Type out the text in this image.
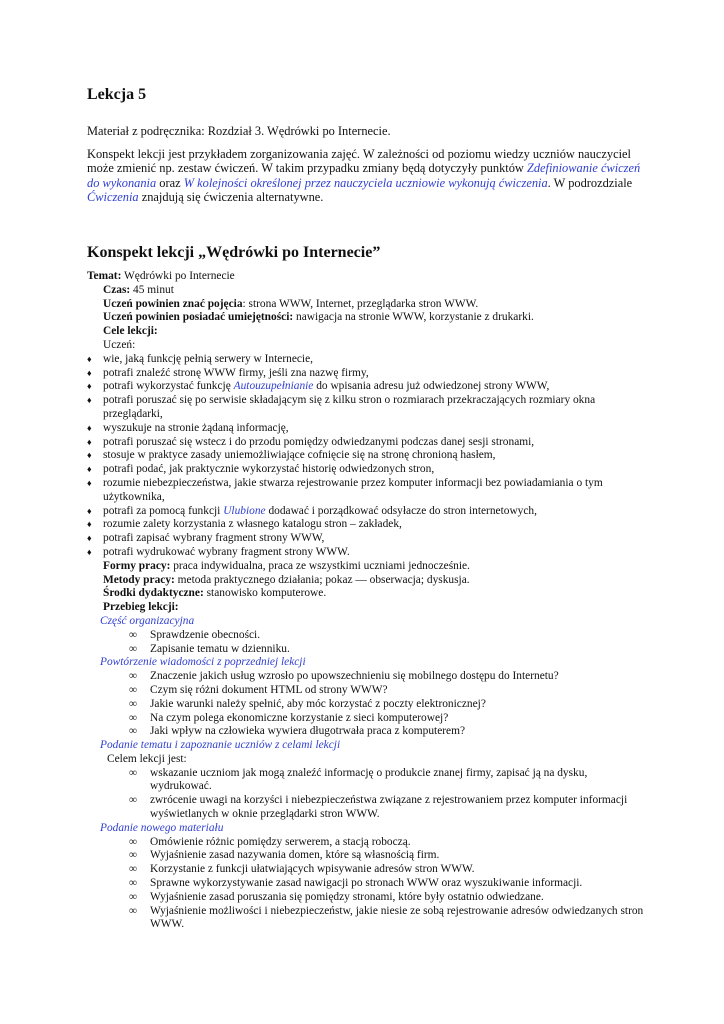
Lekcja 5

Materiał z podręcznika: Rozdział 3. Wędrówki po Internecie.

Konspekt lekcji jest przykładem zorganizowania zajęć. W zależności od poziomu wiedzy uczniów nauczyciel może zmienić np. zestaw ćwiczeń. W takim przypadku zmiany będą dotyczyły punktów Zdefiniowanie ćwiczeń do wykonania oraz W kolejności określonej przez nauczyciela uczniowie wykonują ćwiczenia. W podrozdziale Ćwiczenia znajdują się ćwiczenia alternatywne.

Konspekt lekcji „Wędrówki po Internecie”
Temat: Wędrówki po Internecie
Czas: 45 minut
Uczeń powinien znać pojęcia: strona WWW, Internet, przeglądarka stron WWW.
Uczeń powinien posiadać umiejętności: nawigacja na stronie WWW, korzystanie z drukarki.
Cele lekcji:
Uczeń:
♦ wie, jaką funkcję pełnią serwery w Internecie,
♦ potrafi znaleźć stronę WWW firmy, jeśli zna nazwę firmy,
♦ potrafi wykorzystać funkcję Autouzupełnianie do wpisania adresu już odwiedzonej strony WWW,
♦ potrafi poruszać się po serwisie składającym się z kilku stron o rozmiarach przekraczających rozmiary okna przeglądarki,
♦ wyszukuje na stronie żądaną informację,
♦ potrafi poruszać się wstecz i do przodu pomiędzy odwiedzanymi podczas danej sesji stronami,
♦ stosuje w praktyce zasady uniemożliwiające cofnięcie się na stronę chronioną hasłem,
♦ potrafi podać, jak praktycznie wykorzystać historię odwiedzonych stron,
♦ rozumie niebezpieczeństwa, jakie stwarza rejestrowanie przez komputer informacji bez powiadamiania o tym użytkownika,
♦ potrafi za pomocą funkcji Ulubione dodawać i porządkować odsyłacze do stron internetowych,
♦ rozumie zalety korzystania z własnego katalogu stron – zakładek,
♦ potrafi zapisać wybrany fragment strony WWW,
♦ potrafi wydrukować wybrany fragment strony WWW.
Formy pracy: praca indywidualna, praca ze wszystkimi uczniami jednocześnie.
Metody pracy: metoda praktycznego działania; pokaz — obserwacja; dyskusja.
Środki dydaktyczne: stanowisko komputerowe.
Przebieg lekcji:
Część organizacyjna
∞ Sprawdzenie obecności.
∞ Zapisanie tematu w dzienniku.
Powtórzenie wiadomości z poprzedniej lekcji
∞ Znaczenie jakich usług wzrosło po upowszechnieniu się mobilnego dostępu do Internetu?
∞ Czym się różni dokument HTML od strony WWW?
∞ Jakie warunki należy spełnić, aby móc korzystać z poczty elektronicznej?
∞ Na czym polega ekonomiczne korzystanie z sieci komputerowej?
∞ Jaki wpływ na człowieka wywiera długotrwała praca z komputerem?
Podanie tematu i zapoznanie uczniów z celami lekcji
Celem lekcji jest:
∞ wskazanie uczniom jak mogą znaleźć informację o produkcie znanej firmy, zapisać ją na dysku, wydrukować.
∞ zwrócenie uwagi na korzyści i niebezpieczeństwa związane z rejestrowaniem przez komputer informacji wyświetlanych w oknie przeglądarki stron WWW.
Podanie nowego materiału
∞ Omówienie różnic pomiędzy serwerem, a stacją roboczą.
∞ Wyjaśnienie zasad nazywania domen, które są własnością firm.
∞ Korzystanie z funkcji ułatwiających wpisywanie adresów stron WWW.
∞ Sprawne wykorzystywanie zasad nawigacji po stronach WWW oraz wyszukiwanie informacji.
∞ Wyjaśnienie zasad poruszania się pomiędzy stronami, które były ostatnio odwiedzane.
∞ Wyjaśnienie możliwości i niebezpieczeństw, jakie niesie ze sobą rejestrowanie adresów odwiedzanych stron WWW.
